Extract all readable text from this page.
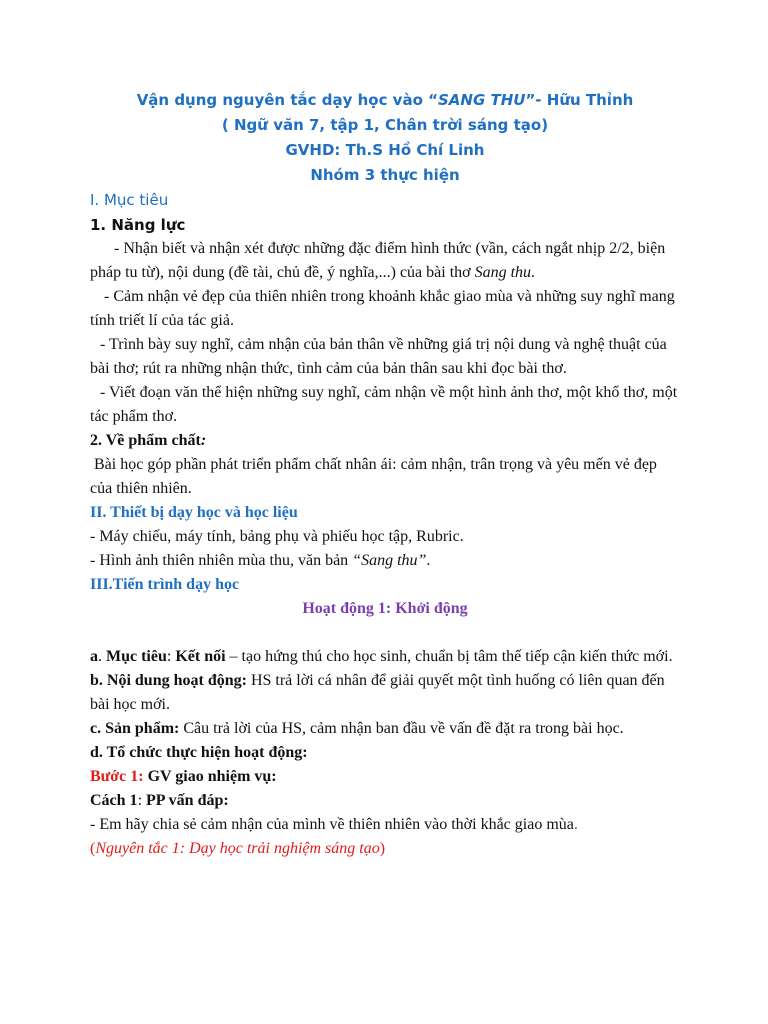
Vận dụng nguyên tắc dạy học vào “SANG THU”- Hữu Thỉnh

( Ngữ văn 7, tập 1, Chân trời sáng tạo)

GVHD: Th.S Hồ Chí Linh

Nhóm 3 thực hiện

I. Mục tiêu

1. Năng lực

- Nhận biết và nhận xét được những đặc điểm hình thức (vần, cách ngắt nhịp 2/2, biện pháp tu từ), nội dung (đề tài, chủ đề, ý nghĩa,...) của bài thơ Sang thu.

- Cảm nhận vẻ đẹp của thiên nhiên trong khoảnh khắc giao mùa và những suy nghĩ mang tính triết lí của tác giả.

- Trình bày suy nghĩ, cảm nhận của bản thân về những giá trị nội dung và nghệ thuật của bài thơ; rút ra những nhận thức, tình cảm của bản thân sau khi đọc bài thơ.

- Viết đoạn văn thể hiện những suy nghĩ, cảm nhận về một hình ảnh thơ, một khổ thơ, một tác phẩm thơ.

2. Về phẩm chất:

Bài học góp phần phát triển phẩm chất nhân ái: cảm nhận, trân trọng và yêu mến vẻ đẹp của thiên nhiên.

II. Thiết bị dạy học và học liệu

- Máy chiếu, máy tính, bảng phụ và phiếu học tập, Rubric.

- Hình ảnh thiên nhiên mùa thu, văn bản “Sang thu”.

III.Tiến trình dạy học

Hoạt động 1: Khởi động

a. Mục tiêu: Kết nối – tạo hứng thú cho học sinh, chuẩn bị tâm thế tiếp cận kiến thức mới.

b. Nội dung hoạt động: HS trả lời cá nhân để giải quyết một tình huống có liên quan đến bài học mới.

c. Sản phẩm: Câu trả lời của HS, cảm nhận ban đầu về vấn đề đặt ra trong bài học.

d. Tổ chức thực hiện hoạt động:

Bước 1: GV giao nhiệm vụ:

Cách 1: PP vấn đáp:

- Em hãy chia sẻ cảm nhận của mình về thiên nhiên vào thời khắc giao mùa.

(Nguyên tắc 1: Dạy học trải nghiệm sáng tạo)
